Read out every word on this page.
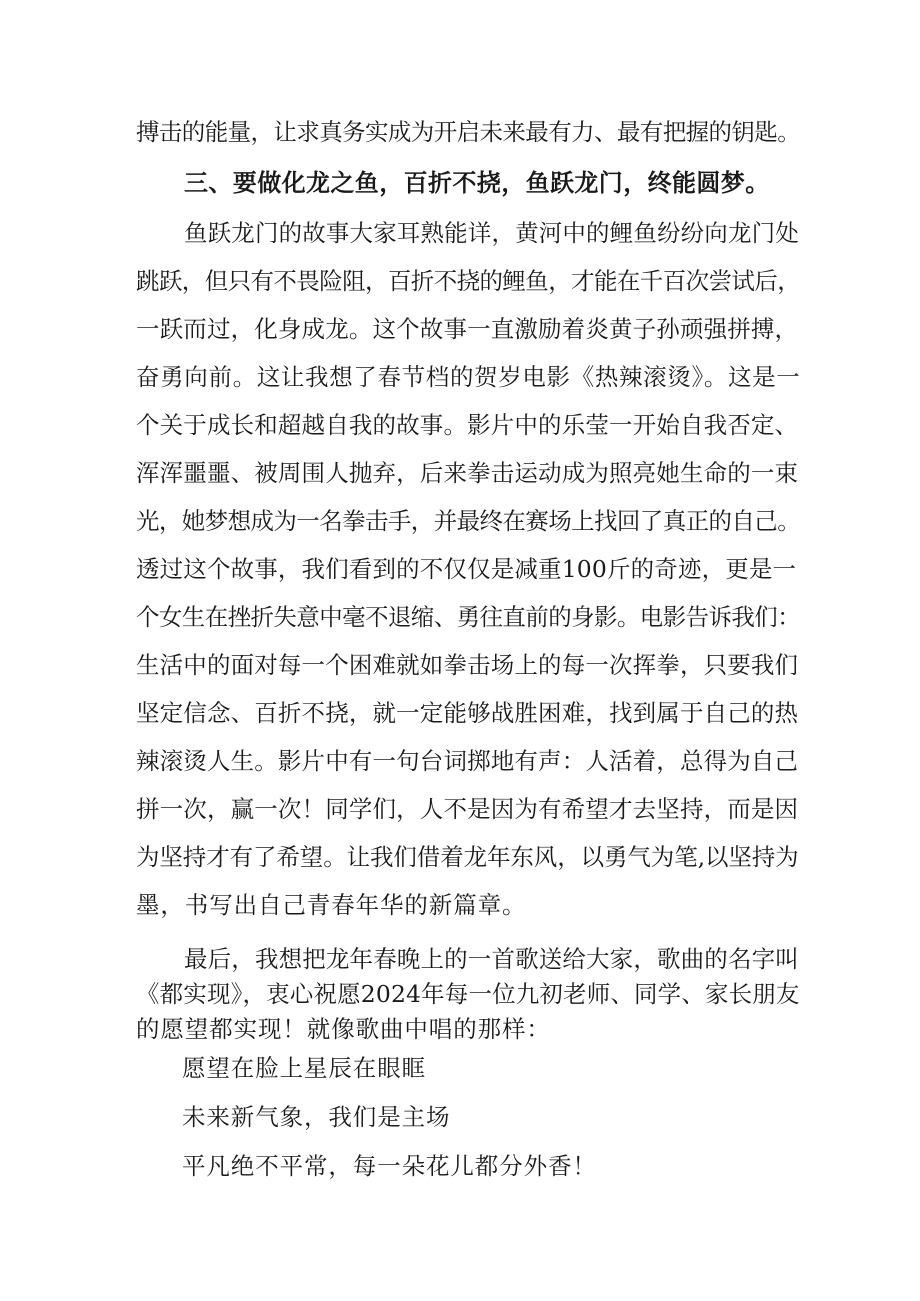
搏击的能量，让求真务实成为开启未来最有力、最有把握的钥匙。

三、要做化龙之鱼，百折不挠，鱼跃龙门，终能圆梦。

鱼跃龙门的故事大家耳熟能详，黄河中的鲤鱼纷纷向龙门处

跳跃，但只有不畏险阻，百折不挠的鲤鱼，才能在千百次尝试后，

一跃而过，化身成龙。这个故事一直激励着炎黄子孙顽强拼搏，

奋勇向前。这让我想了春节档的贺岁电影《热辣滚烫》。这是一

个关于成长和超越自我的故事。影片中的乐莹一开始自我否定、

浑浑噩噩、被周围人抛弃，后来拳击运动成为照亮她生命的一束

光，她梦想成为一名拳击手，并最终在赛场上找回了真正的自己。

透过这个故事，我们看到的不仅仅是减重100斤的奇迹，更是一

个女生在挫折失意中毫不退缩、勇往直前的身影。电影告诉我们：

生活中的面对每一个困难就如拳击场上的每一次挥拳，只要我们

坚定信念、百折不挠，就一定能够战胜困难，找到属于自己的热

辣滚烫人生。影片中有一句台词掷地有声：人活着，总得为自己

拼一次，赢一次！同学们，人不是因为有希望才去坚持，而是因

为坚持才有了希望。让我们借着龙年东风，以勇气为笔,以坚持为

墨，书写出自己青春年华的新篇章。

最后，我想把龙年春晚上的一首歌送给大家，歌曲的名字叫

《都实现》，衷心祝愿2024年每一位九初老师、同学、家长朋友

的愿望都实现！就像歌曲中唱的那样：

愿望在脸上星辰在眼眶

未来新气象，我们是主场

平凡绝不平常，每一朵花儿都分外香！
